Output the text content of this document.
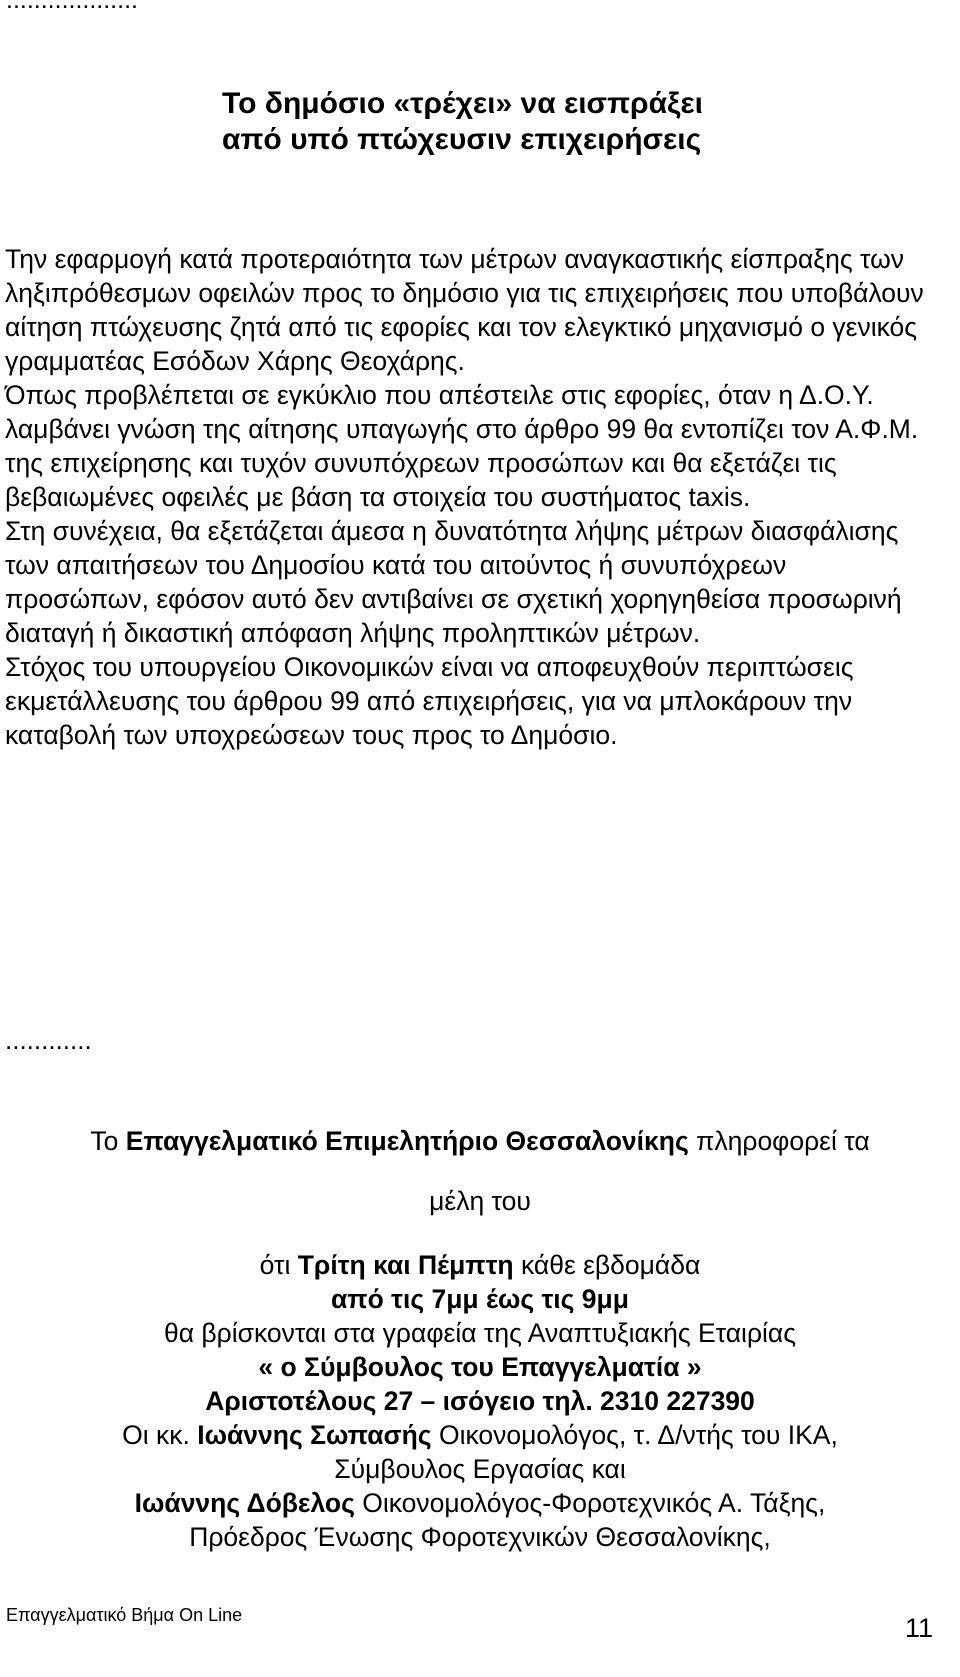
...................
Το δημόσιο «τρέχει» να εισπράξει
από υπό πτώχευσιν επιχειρήσεις

Την εφαρμογή κατά προτεραιότητα των μέτρων αναγκαστικής είσπραξης των ληξιπρόθεσμων οφειλών προς το δημόσιο για τις επιχειρήσεις που υποβάλουν αίτηση πτώχευσης ζητά από τις εφορίες και τον ελεγκτικό μηχανισμό ο γενικός γραμματέας Εσόδων Χάρης Θεοχάρης.

Όπως προβλέπεται σε εγκύκλιο που απέστειλε στις εφορίες, όταν η Δ.Ο.Υ. λαμβάνει γνώση της αίτησης υπαγωγής στο άρθρο 99 θα εντοπίζει τον Α.Φ.Μ. της επιχείρησης και τυχόν συνυπόχρεων προσώπων και θα εξετάζει τις βεβαιωμένες οφειλές με βάση τα στοιχεία του συστήματος taxis.

Στη συνέχεια, θα εξετάζεται άμεσα η δυνατότητα λήψης μέτρων διασφάλισης των απαιτήσεων του Δημοσίου κατά του αιτούντος ή συνυπόχρεων προσώπων, εφόσον αυτό δεν αντιβαίνει σε σχετική χορηγηθείσα προσωρινή διαταγή ή δικαστική απόφαση λήψης προληπτικών μέτρων.

Στόχος του υπουργείου Οικονομικών είναι να αποφευχθούν περιπτώσεις εκμετάλλευσης του άρθρου 99 από επιχειρήσεις, για να μπλοκάρουν την καταβολή των υποχρεώσεων τους προς το Δημόσιο.

............

Το Επαγγελματικό Επιμελητήριο Θεσσαλονίκης πληροφορεί τα

μέλη του

ότι Τρίτη και Πέμπτη κάθε εβδομάδα

από τις 7μμ έως τις 9μμ

θα βρίσκονται στα γραφεία της Αναπτυξιακής Εταιρίας

« ο Σύμβουλος του Επαγγελματία »

Αριστοτέλους 27 – ισόγειο τηλ. 2310 227390

Οι κκ. Ιωάννης Σωπασής Οικονομολόγος, τ. Δ/ντής του ΙΚΑ,

Σύμβουλος Εργασίας και

Ιωάννης Δόβελος Οικονομολόγος-Φοροτεχνικός Α. Τάξης,

Πρόεδρος Ένωσης Φοροτεχνικών Θεσσαλονίκης,

Επαγγελματικό Βήμα On Line	11
